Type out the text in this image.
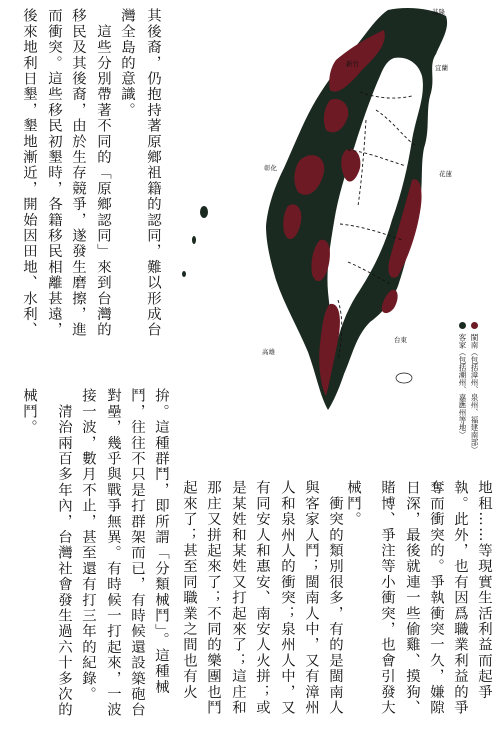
其後裔，仍抱持著原鄉祖籍的認同，難以形成台
灣全島的意識。
　這些分別帶著不同的「原鄉認同」來到台灣的
移民及其後裔，由於生存競爭，遂發生磨擦，進
而衝突。這些移民初墾時，各籍移民相離甚遠，
後來地利日墾，墾地漸近，開始因田地、水利、	基隆
宜蘭
新竹
彰化
花蓮
高雄
台東	閩南（包括漳州、泉州、福建南部）
客家（包括潮州、嘉應州等地）
械鬥。 　清治兩百多年內，台灣社會發生過六十多次的 接一波，數月不止，甚至還有打三年的紀錄。 對壘，幾乎與戰爭無異。有時候一打起來，一波 鬥，往往不只是打群架而已，有時候還設築砲台 拚。這種群鬥，即所謂「分類械鬥」。這種械 起來了；甚至同職業之間也有火 那庄又拼起來了；不同的樂團也鬥 是某姓和某姓又打起來了；這庄和 有同安人和惠安、南安人火拼；或 人和泉州人的衝突；泉州人中，又 與客家人鬥；閩南人中，又有漳州 　衝突的類別很多，有的是閩南人 械鬥。 賭博、爭注等小衝突，也會引發大 日深，最後就連一些偷雞、摸狗、 奪而衝突的。爭執衝突一久，嫌隙 執。此外，也有因爲職業利益的爭 地租……等現實生活利益而起爭
